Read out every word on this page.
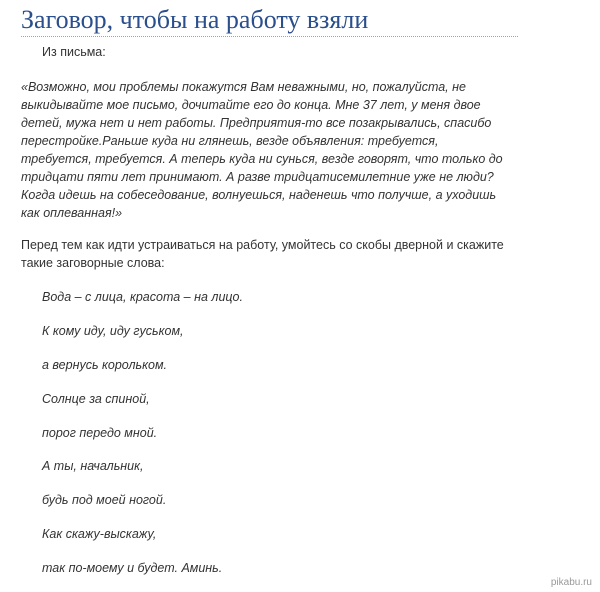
Заговор, чтобы на работу взяли

Из письма:

«Возможно, мои проблемы покажутся Вам неважными, но, пожалуйста, не выкидывайте мое письмо, дочитайте его до конца. Мне 37 лет, у меня двое детей, мужа нет и нет работы. Предприятия-то все позакрывались, спасибо перестройке.Раньше куда ни глянешь, везде объявления: требуется, требуется, требуется. А теперь куда ни сунься, везде говорят, что только до тридцати пяти лет принимают. А разве тридцатисемилетние уже не люди? Когда идешь на собеседование, волнуешься, наденешь что получше, а уходишь как оплеванная!»

Перед тем как идти устраиваться на работу, умойтесь со скобы дверной и скажите такие заговорные слова:

Вода – с лица, красота – на лицо.

К кому иду, иду гуськом,

а вернусь корольком.

Солнце за спиной,

порог передо мной.

А ты, начальник,

будь под моей ногой.

Как скажу-выскажу,

так по-моему и будет. Аминь.

pikabu.ru
